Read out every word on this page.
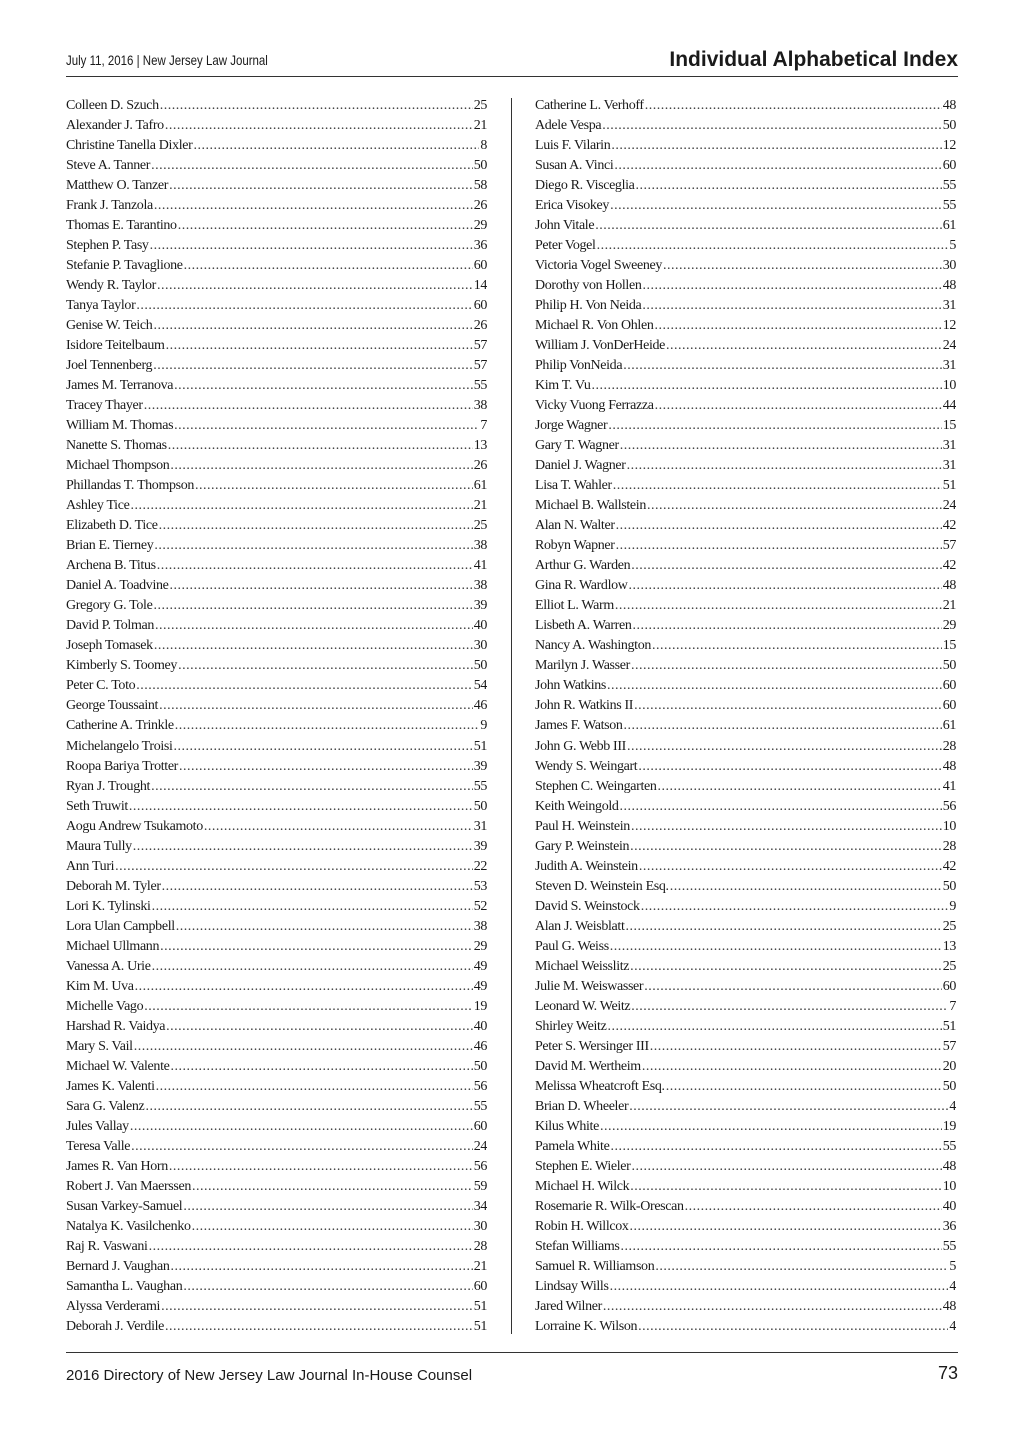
July 11, 2016 | New Jersey Law Journal	Individual Alphabetical Index
Colleen D. Szuch .....	25
Alexander J. Tafro .....	21
Christine Tanella Dixler .....	8
Steve A. Tanner .....	50
Matthew O. Tanzer .....	58
Frank J. Tanzola .....	26
Thomas E. Tarantino .....	29
Stephen P. Tasy .....	36
Stefanie P. Tavaglione .....	60
Wendy R. Taylor .....	14
Tanya Taylor .....	60
Genise W. Teich .....	26
Isidore Teitelbaum .....	57
Joel Tennenberg .....	57
James M. Terranova .....	55
Tracey Thayer .....	38
William M. Thomas .....	7
Nanette S. Thomas .....	13
Michael Thompson .....	26
Phillandas T. Thompson .....	61
Ashley Tice .....	21
Elizabeth D. Tice .....	25
Brian E. Tierney .....	38
Archena B. Titus .....	41
Daniel A. Toadvine .....	38
Gregory G. Tole .....	39
David P. Tolman .....	40
Joseph Tomasek .....	30
Kimberly S. Toomey .....	50
Peter C. Toto .....	54
George Toussaint .....	46
Catherine A. Trinkle .....	9
Michelangelo Troisi .....	51
Roopa Bariya Trotter .....	39
Ryan J. Trought .....	55
Seth Truwit .....	50
Aogu Andrew Tsukamoto .....	31
Maura Tully .....	39
Ann Turi .....	22
Deborah M. Tyler .....	53
Lori K. Tylinski .....	52
Lora Ulan Campbell .....	38
Michael Ullmann .....	29
Vanessa A. Urie .....	49
Kim M. Uva .....	49
Michelle Vago .....	19
Harshad R. Vaidya .....	40
Mary S. Vail .....	46
Michael W. Valente .....	50
James K. Valenti .....	56
Sara G. Valenz .....	55
Jules Vallay .....	60
Teresa Valle .....	24
James R. Van Horn .....	56
Robert J. Van Maerssen .....	59
Susan Varkey-Samuel .....	34
Natalya K. Vasilchenko .....	30
Raj R. Vaswani .....	28
Bernard J. Vaughan .....	21
Samantha L. Vaughan .....	60
Alyssa Verderami .....	51
Deborah J. Verdile .....	51
Catherine L. Verhoff .....	48
Adele Vespa .....	50
Luis F. Vilarin .....	12
Susan A. Vinci .....	60
Diego R. Visceglia .....	55
Erica Visokey .....	55
John Vitale .....	61
Peter Vogel .....	5
Victoria Vogel Sweeney .....	30
Dorothy von Hollen .....	48
Philip H. Von Neida .....	31
Michael R. Von Ohlen .....	12
William J. VonDerHeide .....	24
Philip VonNeida .....	31
Kim T. Vu .....	10
Vicky Vuong Ferrazza .....	44
Jorge Wagner .....	15
Gary T. Wagner .....	31
Daniel J. Wagner .....	31
Lisa T. Wahler .....	51
Michael B. Wallstein .....	24
Alan N. Walter .....	42
Robyn Wapner .....	57
Arthur G. Warden .....	42
Gina R. Wardlow .....	48
Elliot L. Warm .....	21
Lisbeth A. Warren .....	29
Nancy A. Washington .....	15
Marilyn J. Wasser .....	50
John Watkins .....	60
John R. Watkins II .....	60
James F. Watson .....	61
John G. Webb III .....	28
Wendy S. Weingart .....	48
Stephen C. Weingarten .....	41
Keith Weingold .....	56
Paul H. Weinstein .....	10
Gary P. Weinstein .....	28
Judith A. Weinstein .....	42
Steven D. Weinstein Esq. .....	50
David S. Weinstock .....	9
Alan J. Weisblatt .....	25
Paul G. Weiss .....	13
Michael Weisslitz .....	25
Julie M. Weiswasser .....	60
Leonard W. Weitz .....	7
Shirley Weitz .....	51
Peter S. Wersinger III .....	57
David M. Wertheim .....	20
Melissa Wheatcroft Esq. .....	50
Brian D. Wheeler .....	4
Kilus White .....	19
Pamela White .....	55
Stephen E. Wieler .....	48
Michael H. Wilck .....	10
Rosemarie R. Wilk-Orescan .....	40
Robin H. Willcox .....	36
Stefan Williams .....	55
Samuel R. Williamson .....	5
Lindsay Wills .....	4
Jared Wilner .....	48
Lorraine K. Wilson .....	4
2016 Directory of New Jersey Law Journal In-House Counsel	73
